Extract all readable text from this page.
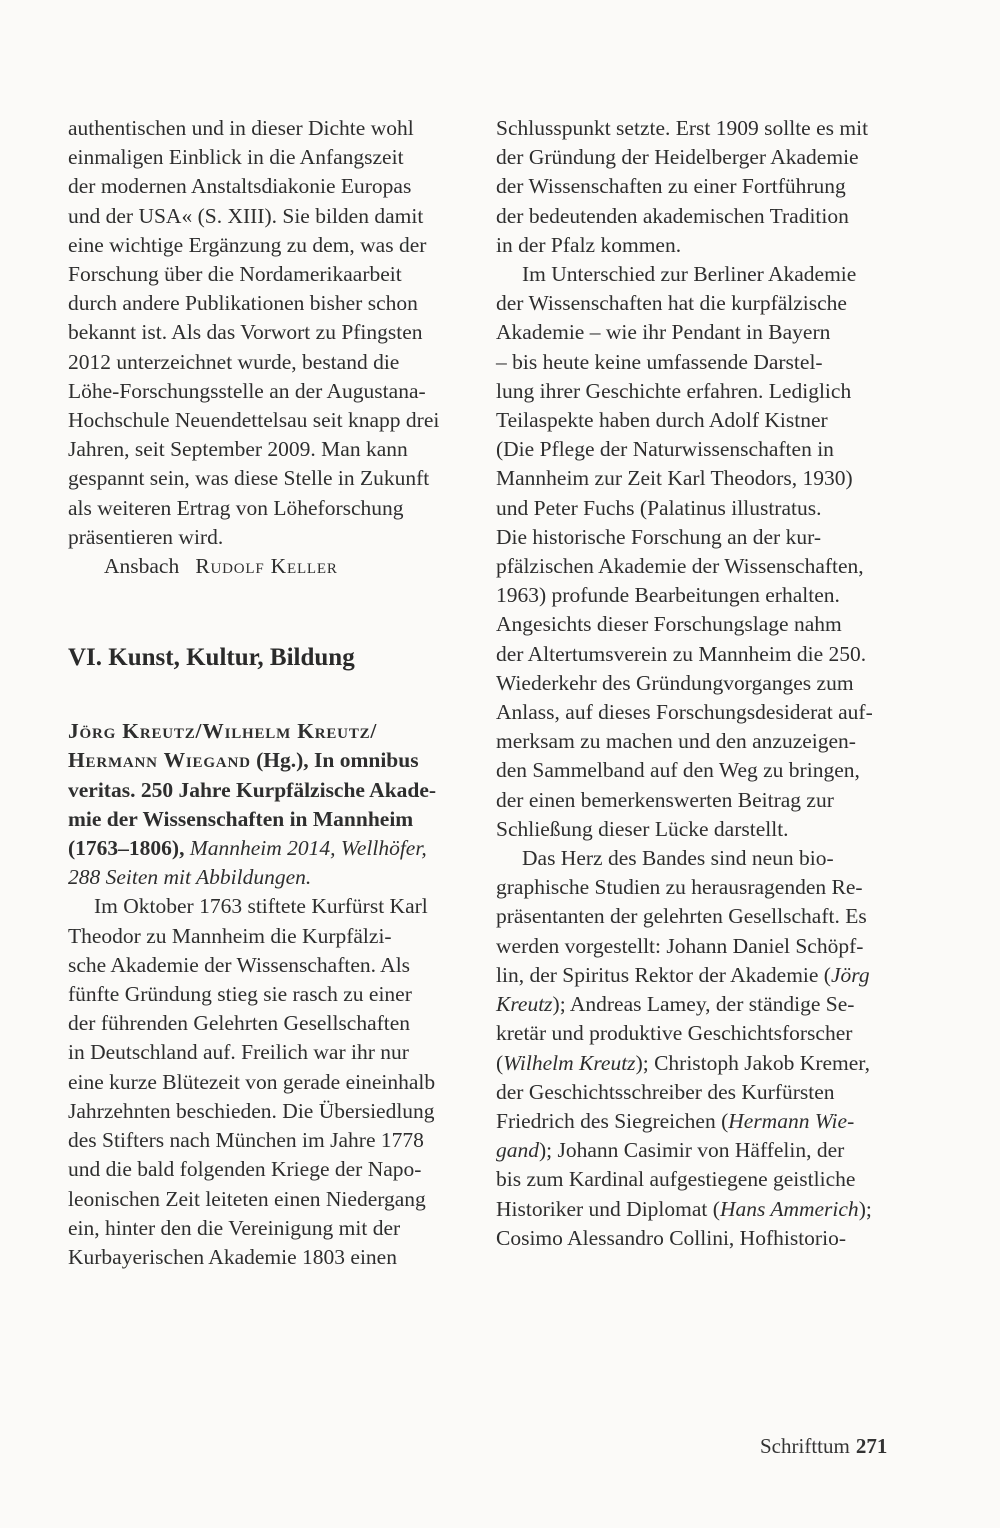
authentischen und in dieser Dichte wohl
einmaligen Einblick in die Anfangszeit
der modernen Anstaltsdiakonie Europas
und der USA« (S. XIII). Sie bilden damit
eine wichtige Ergänzung zu dem, was der
Forschung über die Nordamerikaarbeit
durch andere Publikationen bisher schon
bekannt ist. Als das Vorwort zu Pfingsten
2012 unterzeichnet wurde, bestand die
Löhe-Forschungsstelle an der Augustana-
Hochschule Neuendettelsau seit knapp drei
Jahren, seit September 2009. Man kann
gespannt sein, was diese Stelle in Zukunft
als weiteren Ertrag von Löheforschung
präsentieren wird.
Ansbach Rudolf Keller
VI. Kunst, Kultur, Bildung
Jörg Kreutz/Wilhelm Kreutz/
Hermann Wiegand (Hg.), In omnibus
veritas. 250 Jahre Kurpfälzische Akade-
mie der Wissenschaften in Mannheim
(1763–1806), Mannheim 2014, Wellhöfer,
288 Seiten mit Abbildungen.
Im Oktober 1763 stiftete Kurfürst Karl
Theodor zu Mannheim die Kurpfälzi-
sche Akademie der Wissenschaften. Als
fünfte Gründung stieg sie rasch zu einer
der führenden Gelehrten Gesellschaften
in Deutschland auf. Freilich war ihr nur
eine kurze Blütezeit von gerade eineinhalb
Jahrzehnten beschieden. Die Übersiedlung
des Stifters nach München im Jahre 1778
und die bald folgenden Kriege der Napo-
leonischen Zeit leiteten einen Niedergang
ein, hinter den die Vereinigung mit der
Kurbayerischen Akademie 1803 einen
Schlusspunkt setzte. Erst 1909 sollte es mit
der Gründung der Heidelberger Akademie
der Wissenschaften zu einer Fortführung
der bedeutenden akademischen Tradition
in der Pfalz kommen.
Im Unterschied zur Berliner Akademie
der Wissenschaften hat die kurpfälzische
Akademie – wie ihr Pendant in Bayern
– bis heute keine umfassende Darstel-
lung ihrer Geschichte erfahren. Lediglich
Teilaspekte haben durch Adolf Kistner
(Die Pflege der Naturwissenschaften in
Mannheim zur Zeit Karl Theodors, 1930)
und Peter Fuchs (Palatinus illustratus.
Die historische Forschung an der kur-
pfälzischen Akademie der Wissenschaften,
1963) profunde Bearbeitungen erhalten.
Angesichts dieser Forschungslage nahm
der Altertumsverein zu Mannheim die 250.
Wiederkehr des Gründungvorganges zum
Anlass, auf dieses Forschungsdesiderat auf-
merksam zu machen und den anzuzeigen-
den Sammelband auf den Weg zu bringen,
der einen bemerkenswerten Beitrag zur
Schließung dieser Lücke darstellt.
Das Herz des Bandes sind neun bio-
graphische Studien zu herausragenden Re-
präsentanten der gelehrten Gesellschaft. Es
werden vorgestellt: Johann Daniel Schöpf-
lin, der Spiritus Rektor der Akademie (Jörg
Kreutz); Andreas Lamey, der ständige Se-
kretär und produktive Geschichtsforscher
(Wilhelm Kreutz); Christoph Jakob Kremer,
der Geschichtsschreiber des Kurfürsten
Friedrich des Siegreichen (Hermann Wie-
gand); Johann Casimir von Häffelin, der
bis zum Kardinal aufgestiegene geistliche
Historiker und Diplomat (Hans Ammerich);
Cosimo Alessandro Collini, Hofhistorio-
Schrifttum 271
